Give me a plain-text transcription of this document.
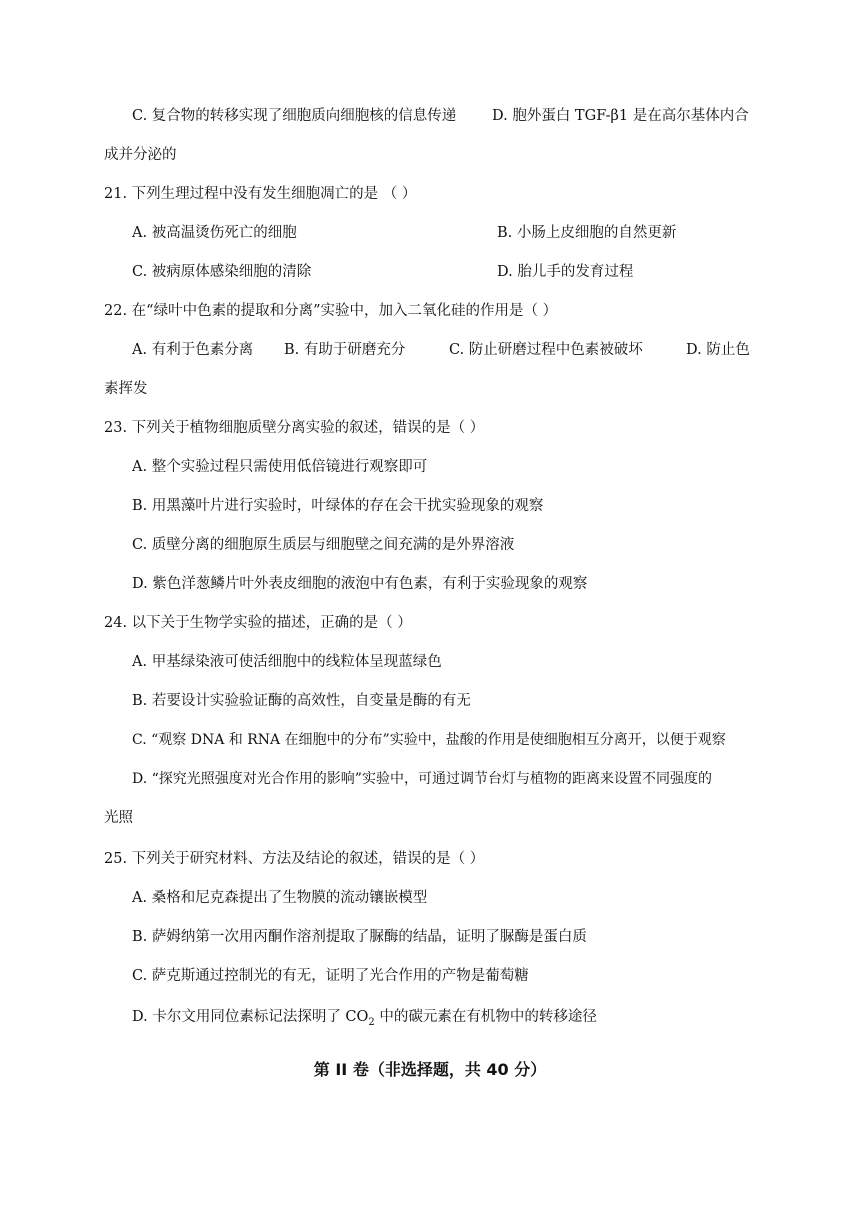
C. 复合物的转移实现了细胞质向细胞核的信息传递 D. 胞外蛋白 TGF-β1 是在高尔基体内合
成并分泌的
21. 下列生理过程中没有发生细胞凋亡的是 （ ）
A. 被高温烫伤死亡的细胞	B. 小肠上皮细胞的自然更新
C. 被病原体感染细胞的清除	D. 胎儿手的发育过程
22. 在“绿叶中色素的提取和分离”实验中，加入二氧化硅的作用是（ ）
A. 有利于色素分离 B. 有助于研磨充分	C. 防止研磨过程中色素被破坏	D. 防止色
素挥发
23. 下列关于植物细胞质壁分离实验的叙述，错误的是（ ）
A. 整个实验过程只需使用低倍镜进行观察即可
B. 用黑藻叶片进行实验时，叶绿体的存在会干扰实验现象的观察
C. 质壁分离的细胞原生质层与细胞壁之间充满的是外界溶液
D. 紫色洋葱鳞片叶外表皮细胞的液泡中有色素，有利于实验现象的观察
24. 以下关于生物学实验的描述，正确的是（ ）
A. 甲基绿染液可使活细胞中的线粒体呈现蓝绿色
B. 若要设计实验验证酶的高效性，自变量是酶的有无
C. “观察 DNA 和 RNA 在细胞中的分布”实验中，盐酸的作用是使细胞相互分离开，以便于观察
D. “探究光照强度对光合作用的影响”实验中，可通过调节台灯与植物的距离来设置不同强度的
光照
25. 下列关于研究材料、方法及结论的叙述，错误的是（ ）
A. 桑格和尼克森提出了生物膜的流动镶嵌模型
B. 萨姆纳第一次用丙酮作溶剂提取了脲酶的结晶，证明了脲酶是蛋白质
C. 萨克斯通过控制光的有无，证明了光合作用的产物是葡萄糖
D. 卡尔文用同位素标记法探明了 $CO_2$ 中的碳元素在有机物中的转移途径
第 II 卷（非选择题，共 40 分）
